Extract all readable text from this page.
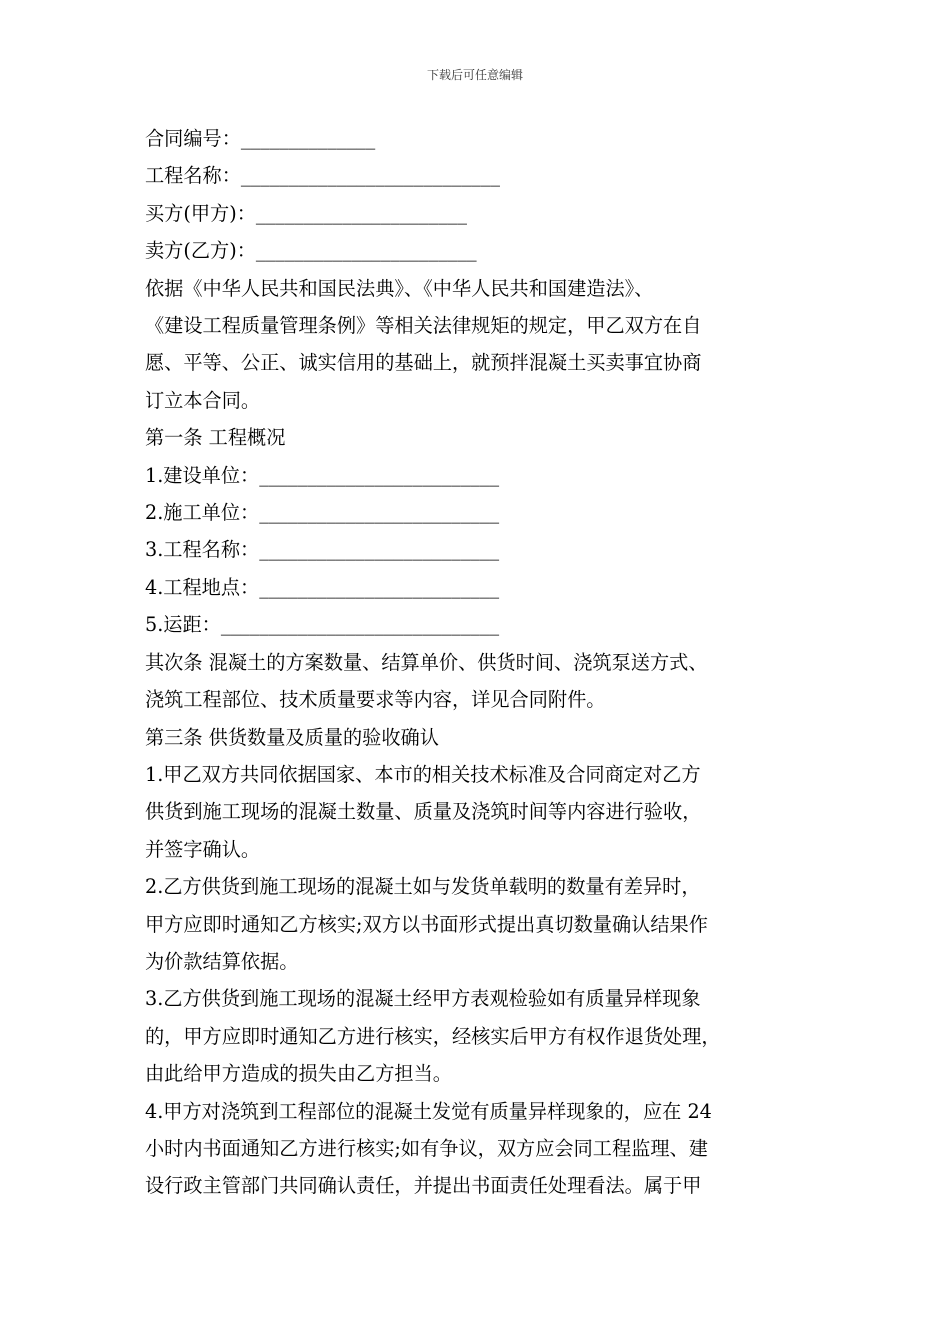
下载后可任意编辑

合同编号：______________

工程名称：___________________________

买方(甲方)：______________________

卖方(乙方)：_______________________

依据《中华人民共和国民法典》、《中华人民共和国建造法》、

《建设工程质量管理条例》等相关法律规矩的规定，甲乙双方在自

愿、平等、公正、诚实信用的基础上，就预拌混凝土买卖事宜协商

订立本合同。

第一条 工程概况

1.建设单位：_________________________

2.施工单位：_________________________

3.工程名称：_________________________

4.工程地点：_________________________

5.运距：_____________________________

其次条 混凝土的方案数量、结算单价、供货时间、浇筑泵送方式、

浇筑工程部位、技术质量要求等内容，详见合同附件。

第三条 供货数量及质量的验收确认

1.甲乙双方共同依据国家、本市的相关技术标准及合同商定对乙方

供货到施工现场的混凝土数量、质量及浇筑时间等内容进行验收，

并签字确认。

2.乙方供货到施工现场的混凝土如与发货单载明的数量有差异时，

甲方应即时通知乙方核实;双方以书面形式提出真切数量确认结果作

为价款结算依据。

3.乙方供货到施工现场的混凝土经甲方表观检验如有质量异样现象

的，甲方应即时通知乙方进行核实，经核实后甲方有权作退货处理，

由此给甲方造成的损失由乙方担当。

4.甲方对浇筑到工程部位的混凝土发觉有质量异样现象的，应在 24

小时内书面通知乙方进行核实;如有争议，双方应会同工程监理、建

设行政主管部门共同确认责任，并提出书面责任处理看法。属于甲
